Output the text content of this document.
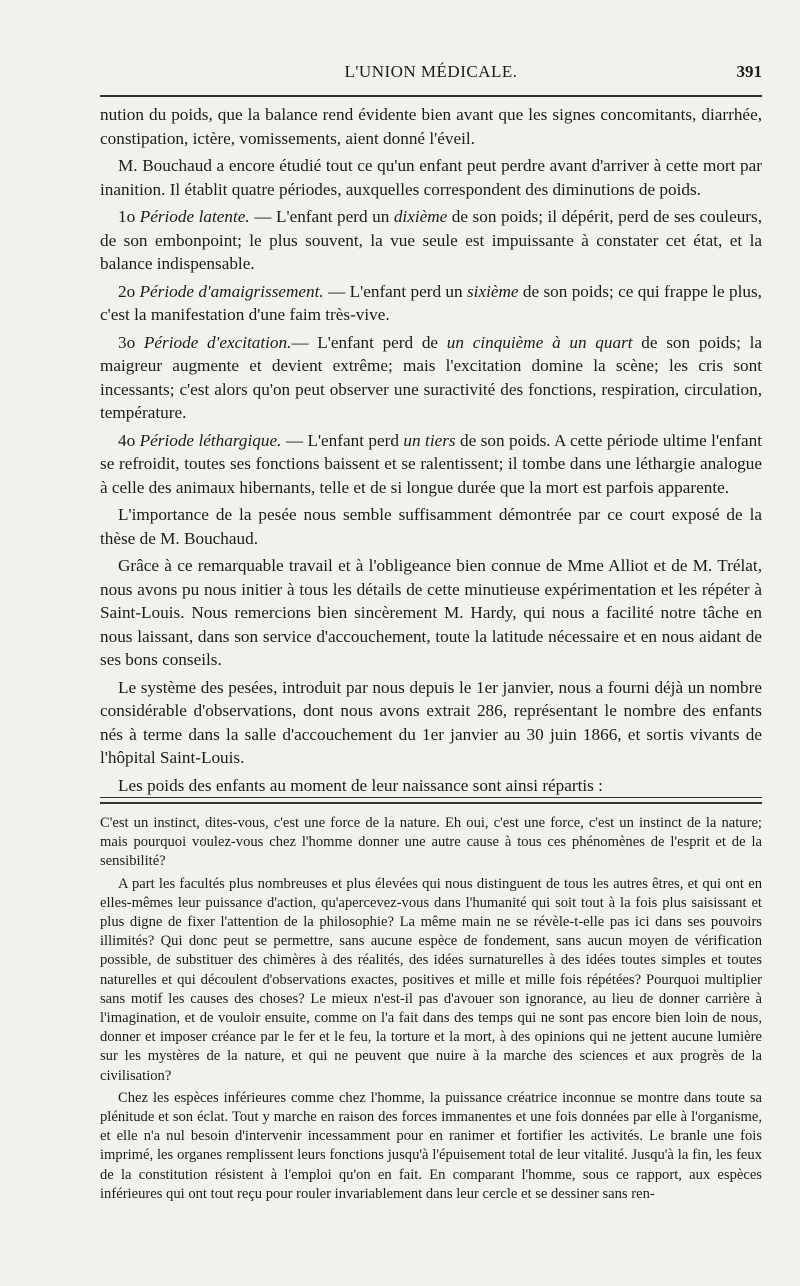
L'UNION MÉDICALE.	391

nution du poids, que la balance rend évidente bien avant que les signes concomitants, diarrhée, constipation, ictère, vomissements, aient donné l'éveil.

M. Bouchaud a encore étudié tout ce qu'un enfant peut perdre avant d'arriver à cette mort par inanition. Il établit quatre périodes, auxquelles correspondent des diminutions de poids.

1o Période latente. — L'enfant perd un dixième de son poids; il dépérit, perd de ses couleurs, de son embonpoint; le plus souvent, la vue seule est impuissante à constater cet état, et la balance indispensable.

2o Période d'amaigrissement. — L'enfant perd un sixième de son poids; ce qui frappe le plus, c'est la manifestation d'une faim très-vive.

3o Période d'excitation.— L'enfant perd de un cinquième à un quart de son poids; la maigreur augmente et devient extrême; mais l'excitation domine la scène; les cris sont incessants; c'est alors qu'on peut observer une suractivité des fonctions, respiration, circulation, température.

4o Période léthargique. — L'enfant perd un tiers de son poids. A cette période ultime l'enfant se refroidit, toutes ses fonctions baissent et se ralentissent; il tombe dans une léthargie analogue à celle des animaux hibernants, telle et de si longue durée que la mort est parfois apparente.

L'importance de la pesée nous semble suffisamment démontrée par ce court exposé de la thèse de M. Bouchaud.

Grâce à ce remarquable travail et à l'obligeance bien connue de Mme Alliot et de M. Trélat, nous avons pu nous initier à tous les détails de cette minutieuse expérimentation et les répéter à Saint-Louis. Nous remercions bien sincèrement M. Hardy, qui nous a facilité notre tâche en nous laissant, dans son service d'accouchement, toute la latitude nécessaire et en nous aidant de ses bons conseils.

Le système des pesées, introduit par nous depuis le 1er janvier, nous a fourni déjà un nombre considérable d'observations, dont nous avons extrait 286, représentant le nombre des enfants nés à terme dans la salle d'accouchement du 1er janvier au 30 juin 1866, et sortis vivants de l'hôpital Saint-Louis.

Les poids des enfants au moment de leur naissance sont ainsi répartis :

C'est un instinct, dites-vous, c'est une force de la nature. Eh oui, c'est une force, c'est un instinct de la nature; mais pourquoi voulez-vous chez l'homme donner une autre cause à tous ces phénomènes de l'esprit et de la sensibilité?

A part les facultés plus nombreuses et plus élevées qui nous distinguent de tous les autres êtres, et qui ont en elles-mêmes leur puissance d'action, qu'apercevez-vous dans l'humanité qui soit tout à la fois plus saisissant et plus digne de fixer l'attention de la philosophie? La même main ne se révèle-t-elle pas ici dans ses pouvoirs illimités? Qui donc peut se permettre, sans aucune espèce de fondement, sans aucun moyen de vérification possible, de substituer des chimères à des réalités, des idées surnaturelles à des idées toutes simples et toutes naturelles et qui découlent d'observations exactes, positives et mille et mille fois répétées? Pourquoi multiplier sans motif les causes des choses? Le mieux n'est-il pas d'avouer son ignorance, au lieu de donner carrière à l'imagination, et de vouloir ensuite, comme on l'a fait dans des temps qui ne sont pas encore bien loin de nous, donner et imposer créance par le fer et le feu, la torture et la mort, à des opinions qui ne jettent aucune lumière sur les mystères de la nature, et qui ne peuvent que nuire à la marche des sciences et aux progrès de la civilisation?

Chez les espèces inférieures comme chez l'homme, la puissance créatrice inconnue se montre dans toute sa plénitude et son éclat. Tout y marche en raison des forces immanentes et une fois données par elle à l'organisme, et elle n'a nul besoin d'intervenir incessamment pour en ranimer et fortifier les activités. Le branle une fois imprimé, les organes remplissent leurs fonctions jusqu'à l'épuisement total de leur vitalité. Jusqu'à la fin, les feux de la constitution résistent à l'emploi qu'on en fait. En comparant l'homme, sous ce rapport, aux espèces inférieures qui ont tout reçu pour rouler invariablement dans leur cercle et se dessiner sans ren-
